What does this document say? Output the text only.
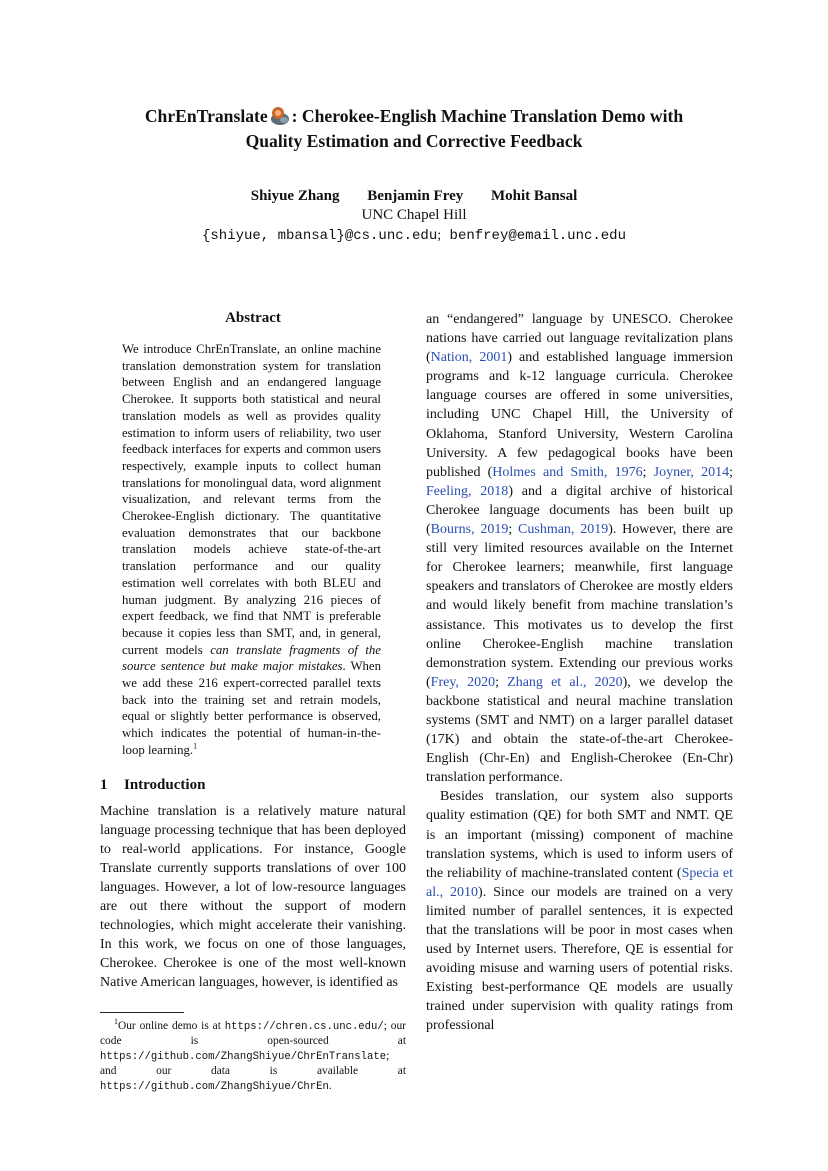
ChrEnTranslate : Cherokee-English Machine Translation Demo with
Quality Estimation and Corrective Feedback
Shiyue Zhang Benjamin Frey Mohit Bansal
UNC Chapel Hill
{shiyue, mbansal}@cs.unc.edu; benfrey@email.unc.edu
Abstract

We introduce ChrEnTranslate, an online machine translation demonstration system for translation between English and an endangered language Cherokee. It supports both statistical and neural translation models as well as provides quality estimation to inform users of reliability, two user feedback interfaces for experts and common users respectively, example inputs to collect human translations for monolingual data, word alignment visualization, and relevant terms from the Cherokee-English dictionary. The quantitative evaluation demonstrates that our backbone translation models achieve state-of-the-art translation performance and our quality estimation well correlates with both BLEU and human judgment. By analyzing 216 pieces of expert feedback, we find that NMT is preferable because it copies less than SMT, and, in general, current models can translate fragments of the source sentence but make major mistakes. When we add these 216 expert-corrected parallel texts back into the training set and retrain models, equal or slightly better performance is observed, which indicates the potential of human-in-the-loop learning.$^1$

1 Introduction

Machine translation is a relatively mature natural language processing technique that has been deployed to real-world applications. For instance, Google Translate currently supports translations of over 100 languages. However, a lot of low-resource languages are out there without the support of modern technologies, which might accelerate their vanishing. In this work, we focus on one of those languages, Cherokee. Cherokee is one of the most well-known Native American languages, however, is identified as

$^1$Our online demo is at https://chren.cs.unc.edu/; our code is open-sourced at https://github.com/ZhangShiyue/ChrEnTranslate; and our data is available at https://github.com/ZhangShiyue/ChrEn.

an “endangered” language by UNESCO. Cherokee nations have carried out language revitalization plans (Nation, 2001) and established language immersion programs and k-12 language curricula. Cherokee language courses are offered in some universities, including UNC Chapel Hill, the University of Oklahoma, Stanford University, Western Carolina University. A few pedagogical books have been published (Holmes and Smith, 1976; Joyner, 2014; Feeling, 2018) and a digital archive of historical Cherokee language documents has been built up (Bourns, 2019; Cushman, 2019). However, there are still very limited resources available on the Internet for Cherokee learners; meanwhile, first language speakers and translators of Cherokee are mostly elders and would likely benefit from machine translation’s assistance. This motivates us to develop the first online Cherokee-English machine translation demonstration system. Extending our previous works (Frey, 2020; Zhang et al., 2020), we develop the backbone statistical and neural machine translation systems (SMT and NMT) on a larger parallel dataset (17K) and obtain the state-of-the-art Cherokee-English (Chr-En) and English-Cherokee (En-Chr) translation performance.

Besides translation, our system also supports quality estimation (QE) for both SMT and NMT. QE is an important (missing) component of machine translation systems, which is used to inform users of the reliability of machine-translated content (Specia et al., 2010). Since our models are trained on a very limited number of parallel sentences, it is expected that the translations will be poor in most cases when used by Internet users. Therefore, QE is essential for avoiding misuse and warning users of potential risks. Existing best-performance QE models are usually trained under supervision with quality ratings from professional
